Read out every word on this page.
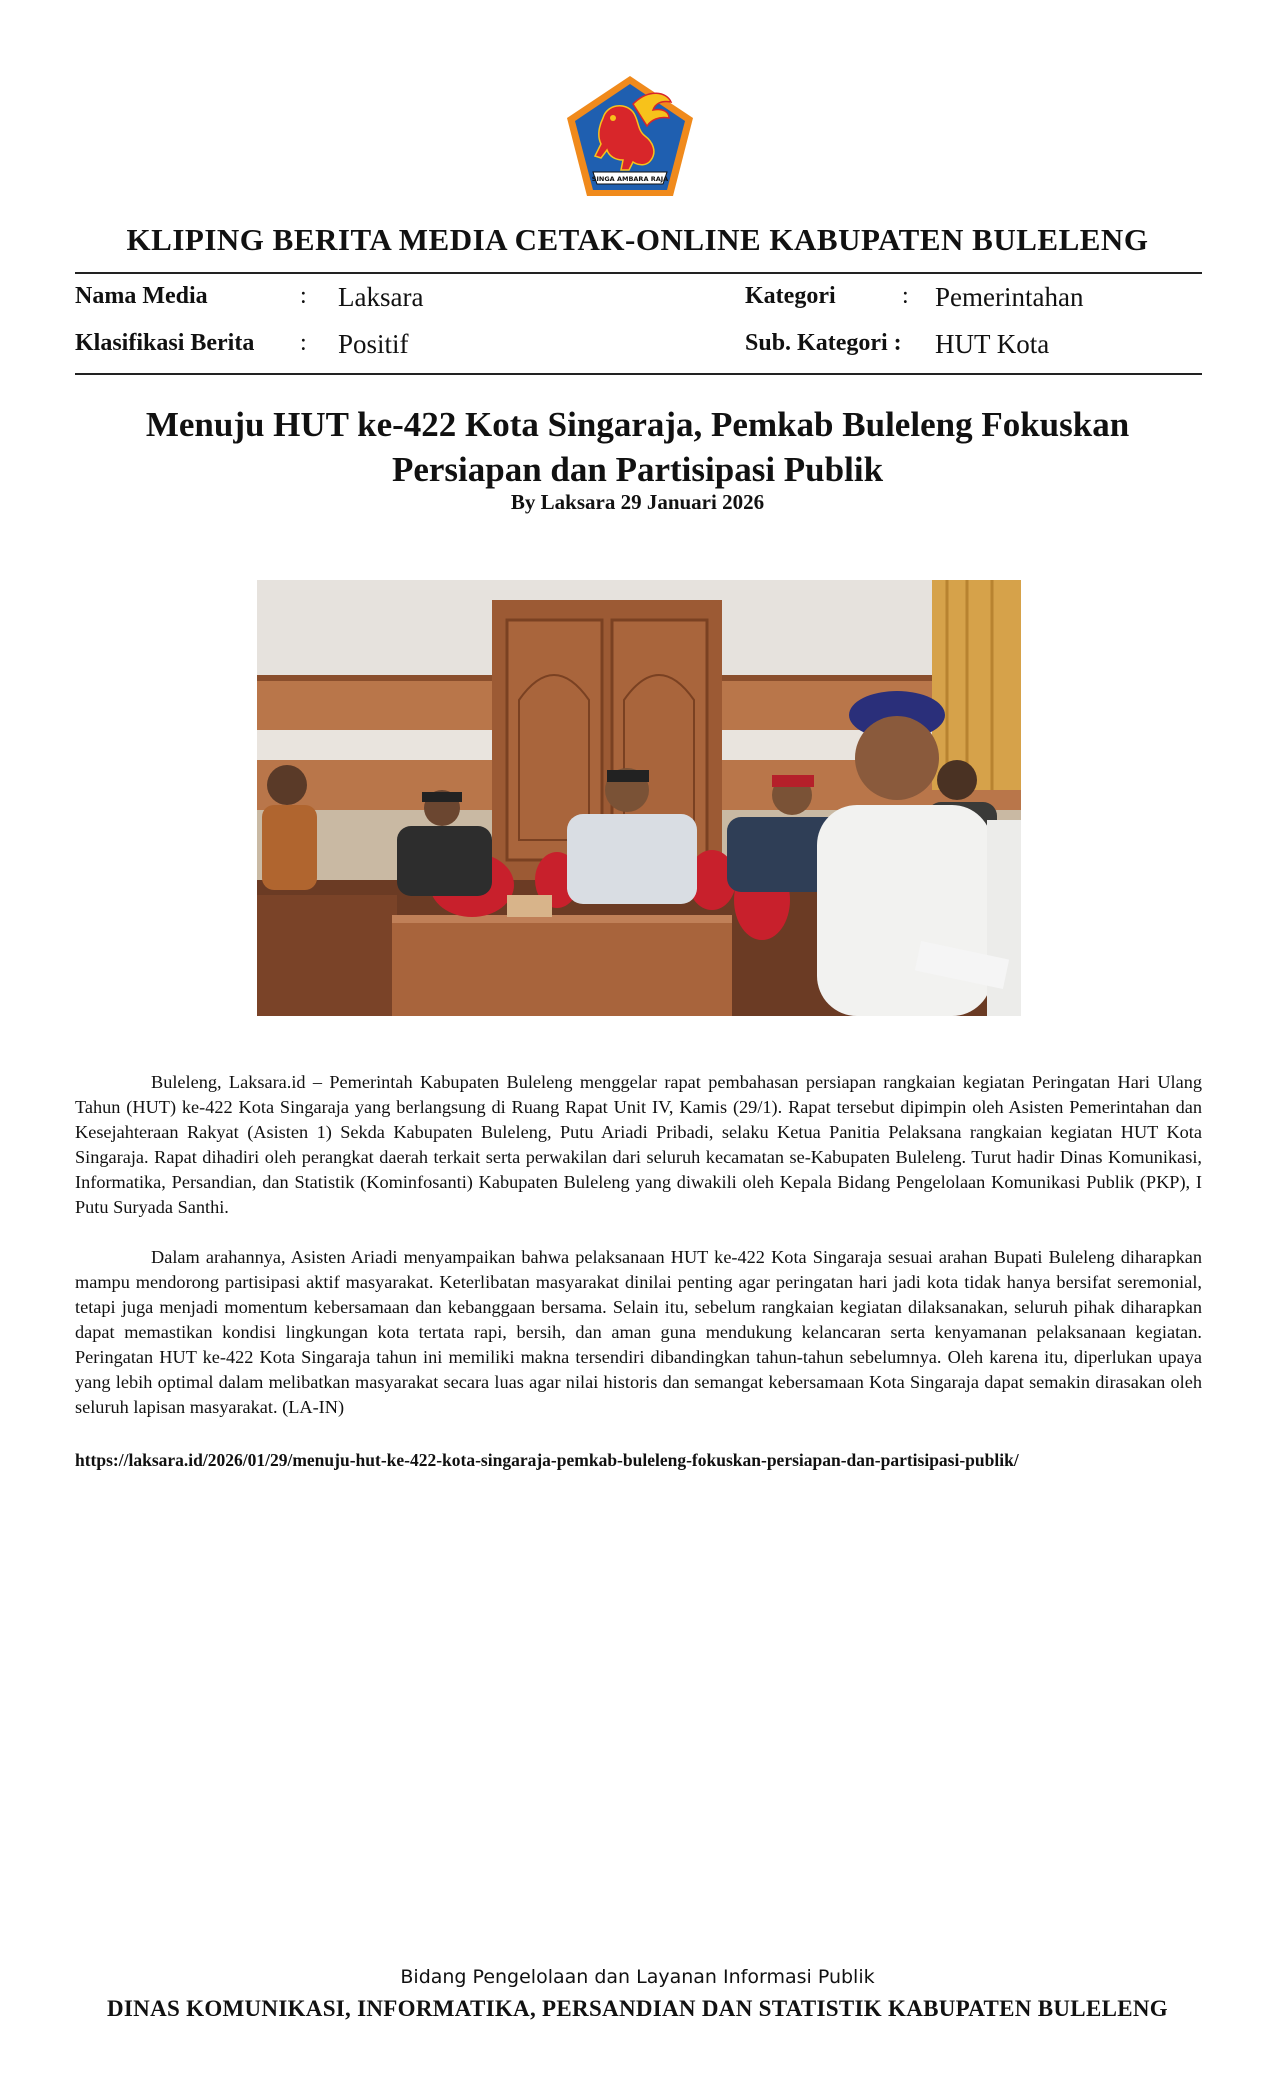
SINGA AMBARA RAJA
KLIPING BERITA MEDIA CETAK-ONLINE KABUPATEN BULELENG
Nama Media	: Laksara	Kategori	: Pemerintahan
Klasifikasi Berita : Positif	Sub. Kategori : HUT Kota
Menuju HUT ke-422 Kota Singaraja, Pemkab Buleleng Fokuskan
Persiapan dan Partisipasi Publik
By Laksara 29 Januari 2026

Buleleng, Laksara.id – Pemerintah Kabupaten Buleleng menggelar rapat pembahasan persiapan rangkaian kegiatan Peringatan Hari Ulang Tahun (HUT) ke-422 Kota Singaraja yang berlangsung di Ruang Rapat Unit IV, Kamis (29/1). Rapat tersebut dipimpin oleh Asisten Pemerintahan dan Kesejahteraan Rakyat (Asisten 1) Sekda Kabupaten Buleleng, Putu Ariadi Pribadi, selaku Ketua Panitia Pelaksana rangkaian kegiatan HUT Kota Singaraja. Rapat dihadiri oleh perangkat daerah terkait serta perwakilan dari seluruh kecamatan se-Kabupaten Buleleng. Turut hadir Dinas Komunikasi, Informatika, Persandian, dan Statistik (Kominfosanti) Kabupaten Buleleng yang diwakili oleh Kepala Bidang Pengelolaan Komunikasi Publik (PKP), I Putu Suryada Santhi.

Dalam arahannya, Asisten Ariadi menyampaikan bahwa pelaksanaan HUT ke-422 Kota Singaraja sesuai arahan Bupati Buleleng diharapkan mampu mendorong partisipasi aktif masyarakat. Keterlibatan masyarakat dinilai penting agar peringatan hari jadi kota tidak hanya bersifat seremonial, tetapi juga menjadi momentum kebersamaan dan kebanggaan bersama. Selain itu, sebelum rangkaian kegiatan dilaksanakan, seluruh pihak diharapkan dapat memastikan kondisi lingkungan kota tertata rapi, bersih, dan aman guna mendukung kelancaran serta kenyamanan pelaksanaan kegiatan. Peringatan HUT ke-422 Kota Singaraja tahun ini memiliki makna tersendiri dibandingkan tahun-tahun sebelumnya. Oleh karena itu, diperlukan upaya yang lebih optimal dalam melibatkan masyarakat secara luas agar nilai historis dan semangat kebersamaan Kota Singaraja dapat semakin dirasakan oleh seluruh lapisan masyarakat. (LA-IN)

https://laksara.id/2026/01/29/menuju-hut-ke-422-kota-singaraja-pemkab-buleleng-fokuskan-persiapan-dan-partisipasi-publik/
Bidang Pengelolaan dan Layanan Informasi Publik
DINAS KOMUNIKASI, INFORMATIKA, PERSANDIAN DAN STATISTIK KABUPATEN BULELENG
